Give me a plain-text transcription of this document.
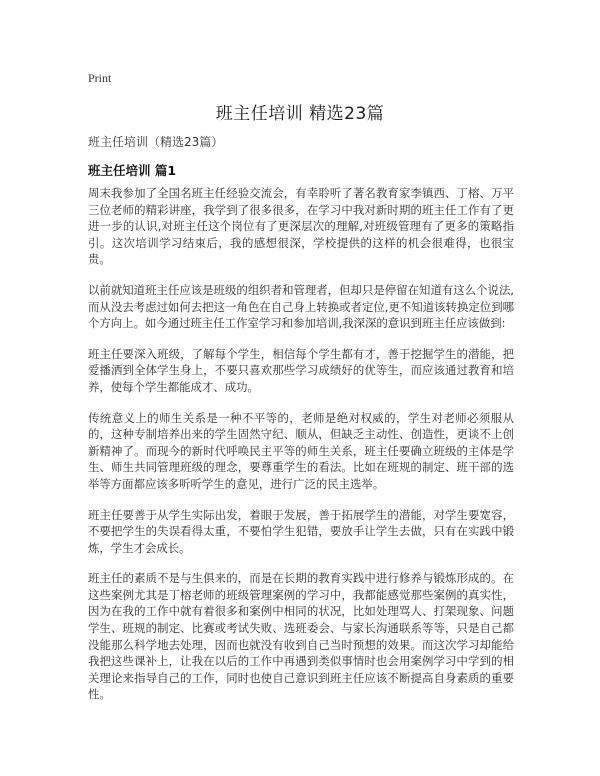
Print
班主任培训 精选23篇
班主任培训（精选23篇）
班主任培训 篇1

周末我参加了全国名班主任经验交流会，有幸聆听了著名教育家李镇西、丁榕、万平三位老师的精彩讲座，我学到了很多很多，在学习中我对新时期的班主任工作有了更进一步的认识,对班主任这个岗位有了更深层次的理解,对班级管理有了更多的策略指引。这次培训学习结束后，我的感想很深，学校提供的这样的机会很难得，也很宝贵。

以前就知道班主任应该是班级的组织者和管理者，但却只是停留在知道有这么个说法,而从没去考虑过如何去把这一角色在自己身上转换或者定位,更不知道该转换定位到哪个方向上。如今通过班主任工作室学习和参加培训,我深深的意识到班主任应该做到:

班主任要深入班级，了解每个学生，相信每个学生都有才，善于挖掘学生的潜能，把爱播洒到全体学生身上，不要只喜欢那些学习成绩好的优等生，而应该通过教育和培养，使每个学生都能成才、成功。

传统意义上的师生关系是一种不平等的，老师是绝对权威的，学生对老师必须服从的，这种专制培养出来的学生固然守纪、顺从，但缺乏主动性、创造性，更谈不上创新精神了。而现今的新时代呼唤民主平等的师生关系，班主任要确立班级的主体是学生、师生共同管理班级的理念，要尊重学生的看法。比如在班规的制定、班干部的选举等方面都应该多听听学生的意见，进行广泛的民主选举。

班主任要善于从学生实际出发，着眼于发展，善于拓展学生的潜能，对学生要宽容，不要把学生的失误看得太重，不要怕学生犯错，要放手让学生去做，只有在实践中锻炼，学生才会成长。

班主任的素质不是与生俱来的，而是在长期的教育实践中进行修养与锻炼形成的。在这些案例尤其是丁榕老师的班级管理案例的学习中，我都能感觉那些案例的真实性，因为在我的工作中就有着很多和案例中相同的状况，比如处理骂人、打架现象、问题学生、班规的制定、比赛或考试失败、选班委会、与家长沟通联系等等，只是自己都没能那么科学地去处理，因而也就没有收到自己当时预想的效果。而这次学习却能给我把这些课补上，让我在以后的工作中再遇到类似事情时也会用案例学习中学到的相关理论来指导自己的工作，同时也使自己意识到班主任应该不断提高自身素质的重要性。
